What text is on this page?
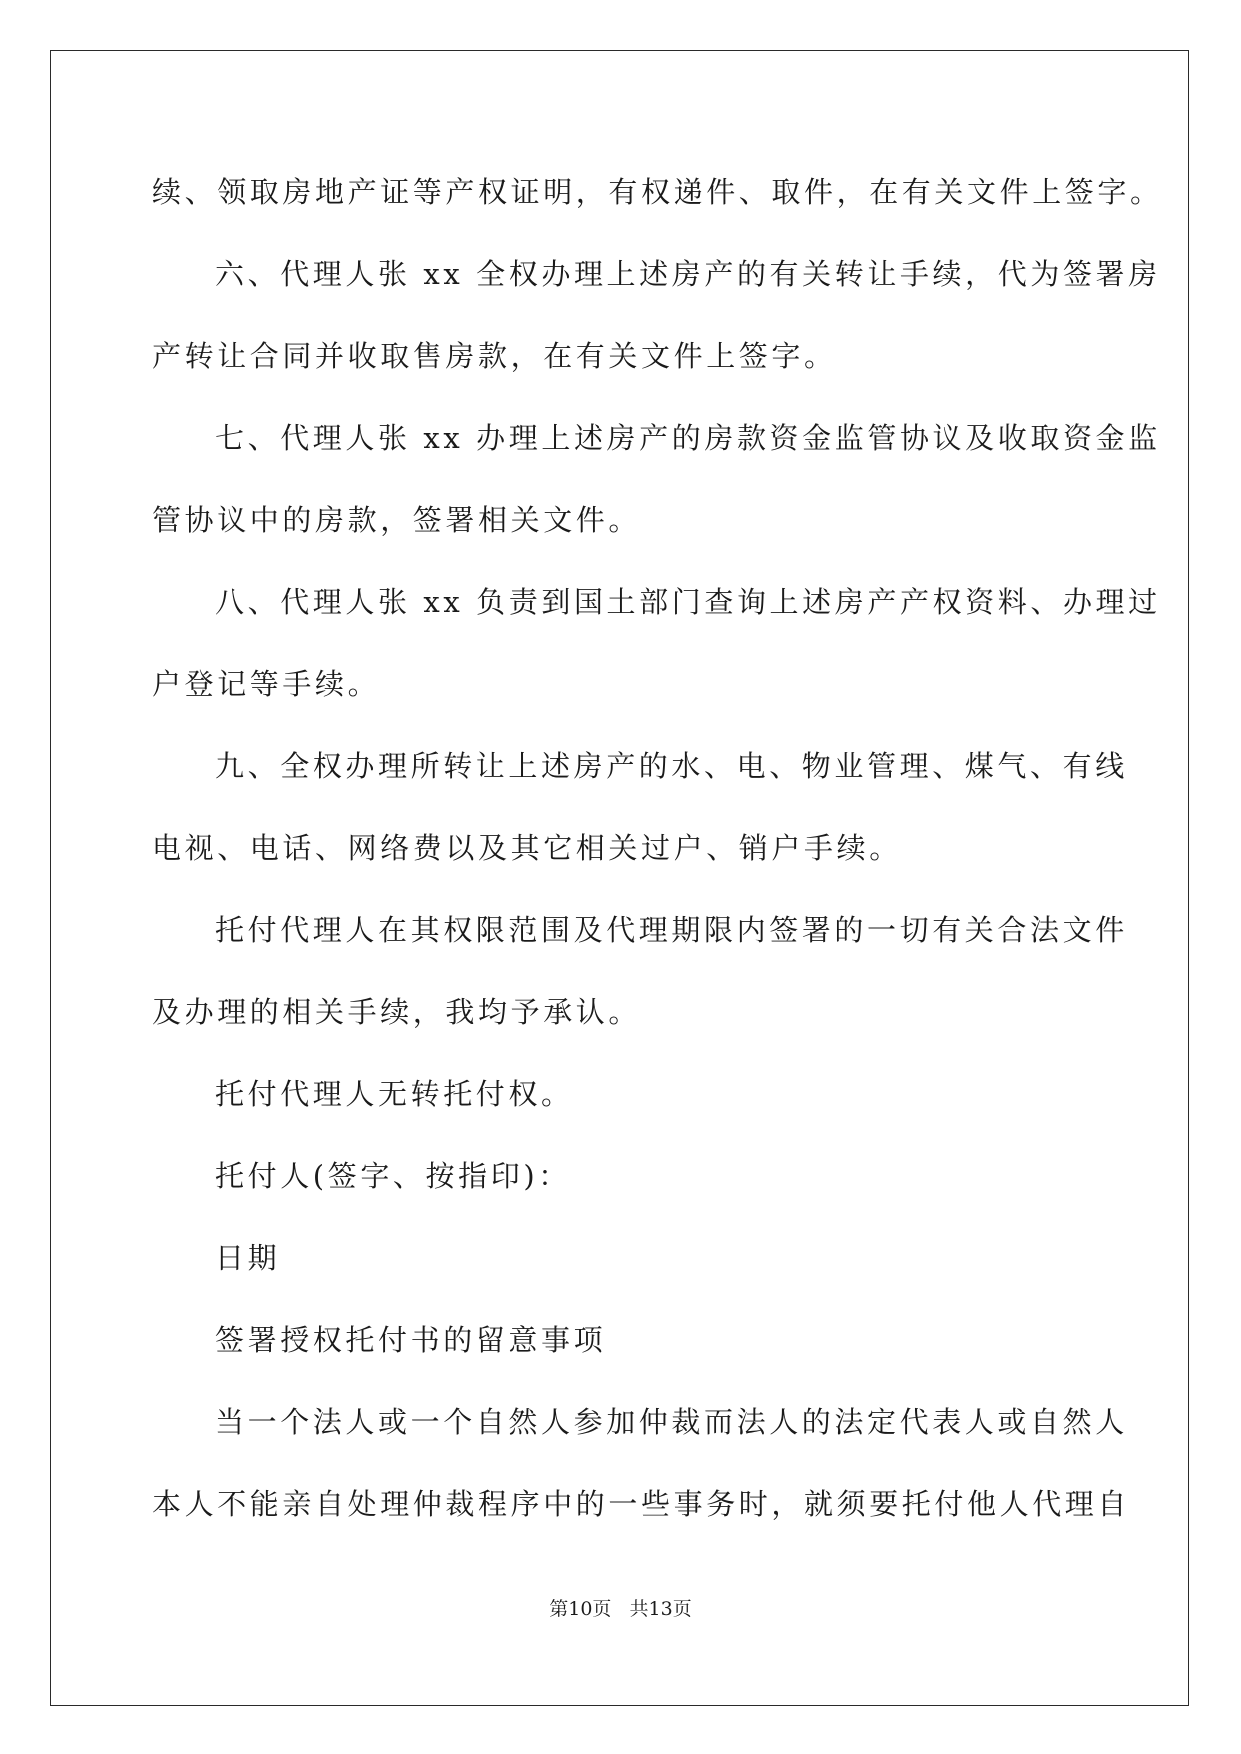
续、领取房地产证等产权证明，有权递件、取件，在有关文件上签字。
六、代理人张 xx 全权办理上述房产的有关转让手续，代为签署房
产转让合同并收取售房款，在有关文件上签字。
七、代理人张 xx 办理上述房产的房款资金监管协议及收取资金监
管协议中的房款，签署相关文件。
八、代理人张 xx 负责到国土部门查询上述房产产权资料、办理过
户登记等手续。
九、全权办理所转让上述房产的水、电、物业管理、煤气、有线
电视、电话、网络费以及其它相关过户、销户手续。
托付代理人在其权限范围及代理期限内签署的一切有关合法文件
及办理的相关手续，我均予承认。
托付代理人无转托付权。
托付人(签字、按指印)：
日期
签署授权托付书的留意事项
当一个法人或一个自然人参加仲裁而法人的法定代表人或自然人
本人不能亲自处理仲裁程序中的一些事务时，就须要托付他人代理自
第10页   共13页
